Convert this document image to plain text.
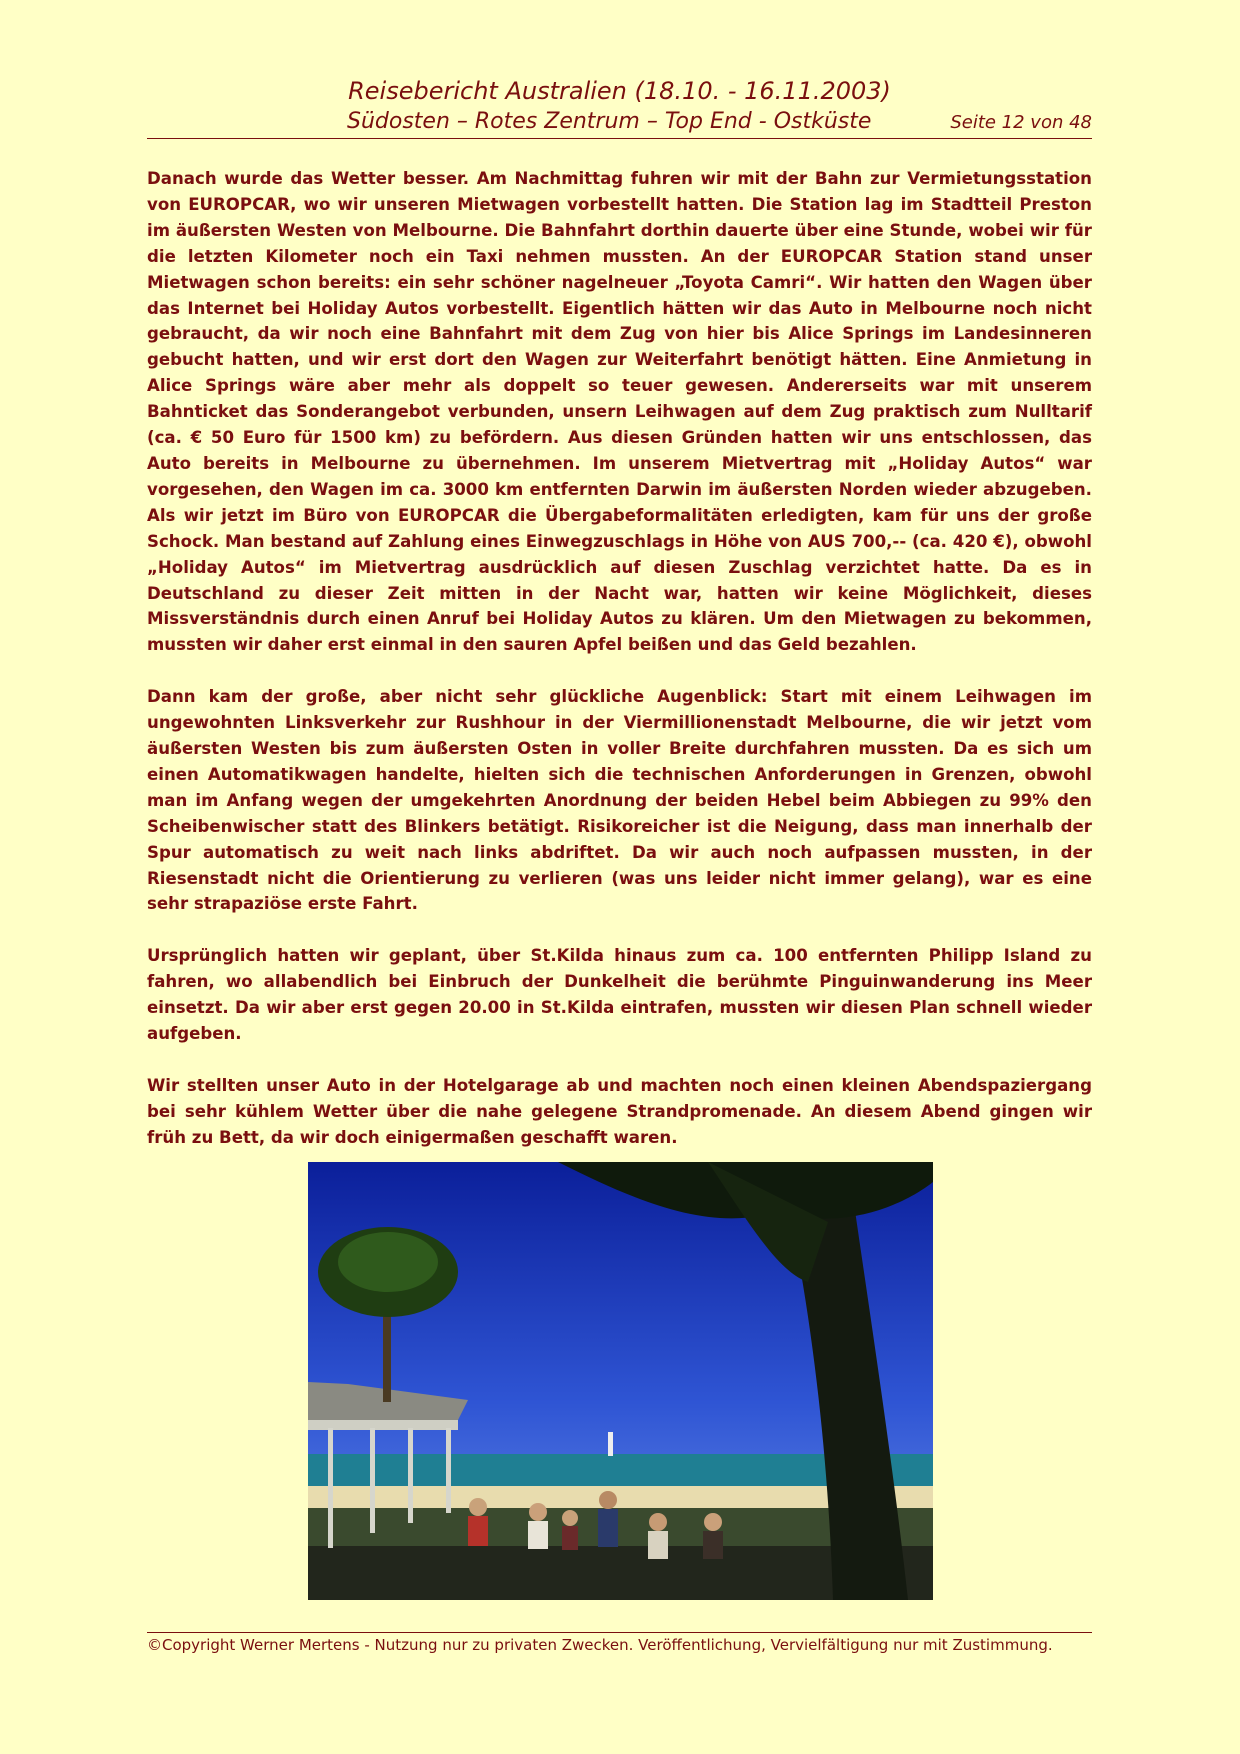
Reisebericht Australien (18.10. - 16.11.2003)
Südosten – Rotes Zentrum – Top End - Ostküste	Seite 12 von 48

Danach wurde das Wetter besser. Am Nachmittag fuhren wir mit der Bahn zur Vermietungsstation von EUROPCAR, wo wir unseren Mietwagen vorbestellt hatten. Die Station lag im Stadtteil Preston im äußersten Westen von Melbourne. Die Bahnfahrt dorthin dauerte über eine Stunde, wobei wir für die letzten Kilometer noch ein Taxi nehmen mussten. An der EUROPCAR Station stand unser Mietwagen schon bereits: ein sehr schöner nagelneuer „Toyota Camri“. Wir hatten den Wagen über das Internet bei Holiday Autos vorbestellt. Eigentlich hätten wir das Auto in Melbourne noch nicht gebraucht, da wir noch eine Bahnfahrt mit dem Zug von hier bis Alice Springs im Landesinneren gebucht hatten, und wir erst dort den Wagen zur Weiterfahrt benötigt hätten. Eine Anmietung in Alice Springs wäre aber mehr als doppelt so teuer gewesen. Andererseits war mit unserem Bahnticket das Sonderangebot verbunden, unsern Leihwagen auf dem Zug praktisch zum Nulltarif (ca. € 50 Euro für 1500 km) zu befördern. Aus diesen Gründen hatten wir uns entschlossen, das Auto bereits in Melbourne zu übernehmen. Im unserem Mietvertrag mit „Holiday Autos“ war vorgesehen, den Wagen im ca. 3000 km entfernten Darwin im äußersten Norden wieder abzugeben. Als wir jetzt im Büro von EUROPCAR die Übergabeformalitäten erledigten, kam für uns der große Schock. Man bestand auf Zahlung eines Einwegzuschlags in Höhe von AUS 700,-- (ca. 420 €), obwohl „Holiday Autos“ im Mietvertrag ausdrücklich auf diesen Zuschlag verzichtet hatte. Da es in Deutschland zu dieser Zeit mitten in der Nacht war, hatten wir keine Möglichkeit, dieses Missverständnis durch einen Anruf bei Holiday Autos zu klären. Um den Mietwagen zu bekommen, mussten wir daher erst einmal in den sauren Apfel beißen und das Geld bezahlen.

Dann kam der große, aber nicht sehr glückliche Augenblick: Start mit einem Leihwagen im ungewohnten Linksverkehr zur Rushhour in der Viermillionenstadt Melbourne, die wir jetzt vom äußersten Westen bis zum äußersten Osten in voller Breite durchfahren mussten. Da es sich um einen Automatikwagen handelte, hielten sich die technischen Anforderungen in Grenzen, obwohl man im Anfang wegen der umgekehrten Anordnung der beiden Hebel beim Abbiegen zu 99% den Scheibenwischer statt des Blinkers betätigt. Risikoreicher ist die Neigung, dass man innerhalb der Spur automatisch zu weit nach links abdriftet. Da wir auch noch aufpassen mussten, in der Riesenstadt nicht die Orientierung zu verlieren (was uns leider nicht immer gelang), war es eine sehr strapaziöse erste Fahrt.

Ursprünglich hatten wir geplant, über St.Kilda hinaus zum ca. 100 entfernten Philipp Island zu fahren, wo allabendlich bei Einbruch der Dunkelheit die berühmte Pinguinwanderung ins Meer einsetzt. Da wir aber erst gegen 20.00 in St.Kilda eintrafen, mussten wir diesen Plan schnell wieder aufgeben.

Wir stellten unser Auto in der Hotelgarage ab und machten noch einen kleinen Abendspaziergang bei sehr kühlem Wetter über die nahe gelegene Strandpromenade. An diesem Abend gingen wir früh zu Bett, da wir doch einigermaßen geschafft waren.

©Copyright Werner Mertens - Nutzung nur zu privaten Zwecken. Veröffentlichung, Vervielfältigung nur mit Zustimmung.
